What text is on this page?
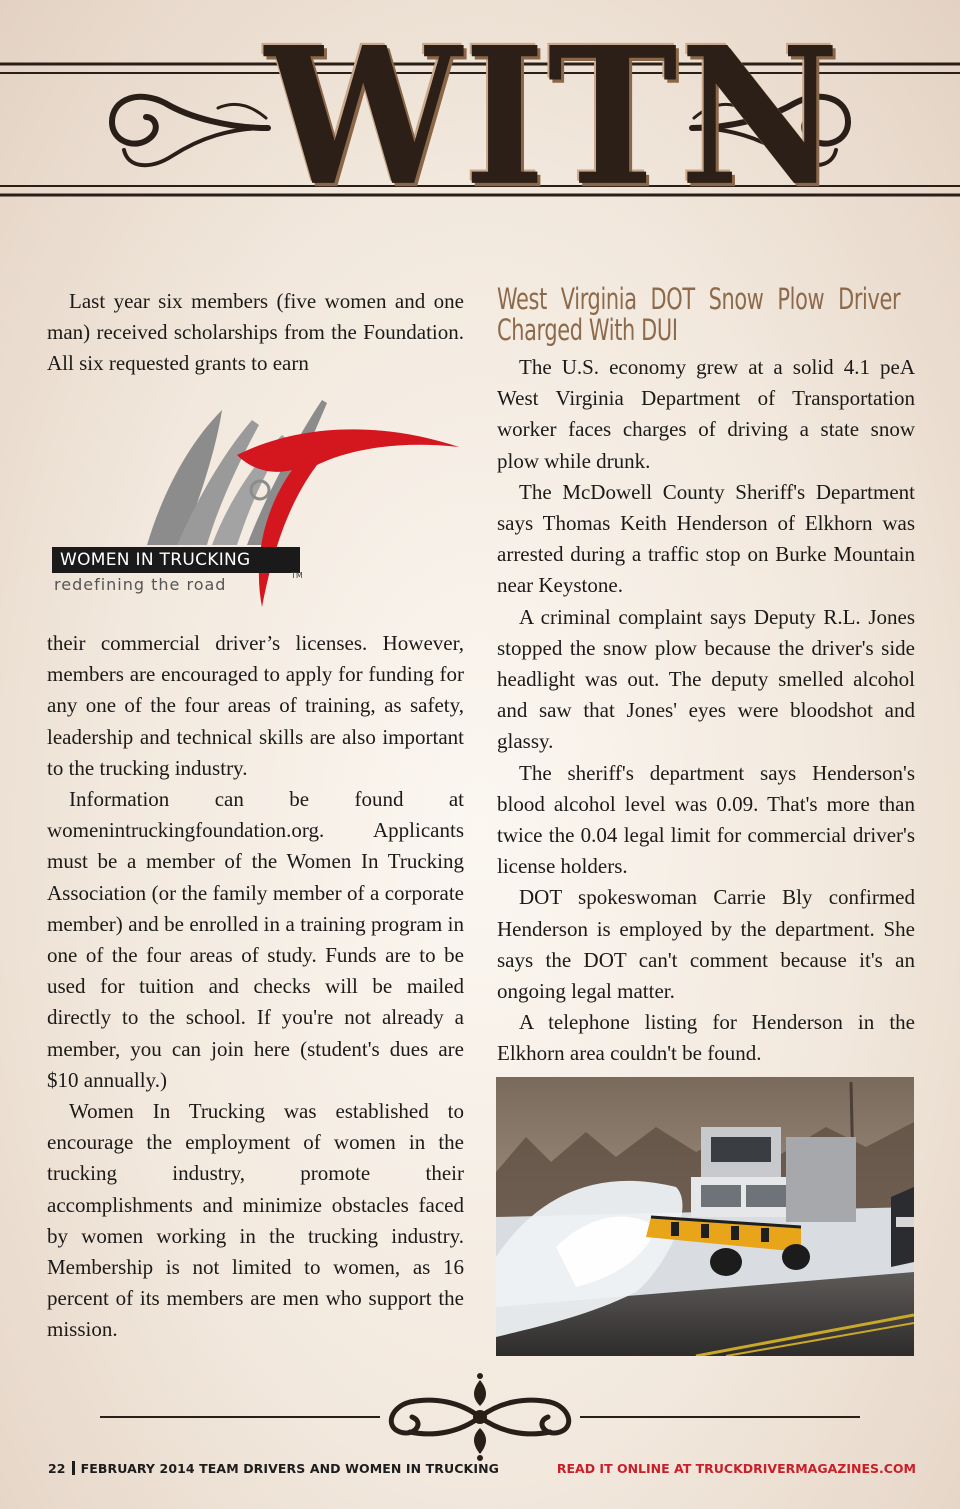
W I T N

Last year six members (five women and one man) received scholarships from the Foundation. All six requested grants to earn

WOMEN IN TRUCKING
redefining the road	TM

their commercial driver’s licenses. However, members are encouraged to apply for funding for any one of the four areas of training, as safety, leadership and technical skills are also important to the trucking industry.

Information can be found at womenintruckingfoundation.org. Applicants must be a member of the Women In Trucking Association (or the family member of a corporate member) and be enrolled in a training program in one of the four areas of study. Funds are to be used for tuition and checks will be mailed directly to the school. If you're not already a member, you can join here (student's dues are $10 annually.)

Women In Trucking was established to encourage the employment of women in the trucking industry, promote their accomplishments and minimize obstacles faced by women working in the trucking industry. Membership is not limited to women, as 16 percent of its members are men who support the mission.

West Virginia DOT Snow Plow Driver Charged With DUI

The U.S. economy grew at a solid 4.1 peA West Virginia Department of Transportation worker faces charges of driving a state snow plow while drunk.

The McDowell County Sheriff's Department says Thomas Keith Henderson of Elkhorn was arrested during a traffic stop on Burke Mountain near Keystone.

A criminal complaint says Deputy R.L. Jones stopped the snow plow because the driver's side headlight was out. The deputy smelled alcohol and saw that Jones' eyes were bloodshot and glassy.

The sheriff's department says Henderson's blood alcohol level was 0.09. That's more than twice the 0.04 legal limit for commercial driver's license holders.

DOT spokeswoman Carrie Bly confirmed Henderson is employed by the department. She says the DOT can't comment because it's an ongoing legal matter.

A telephone listing for Henderson in the Elkhorn area couldn't be found.

22 FEBRUARY 2014 TEAM DRIVERS AND WOMEN IN TRUCKING	READ IT ONLINE AT TRUCKDRIVERMAGAZINES.COM
